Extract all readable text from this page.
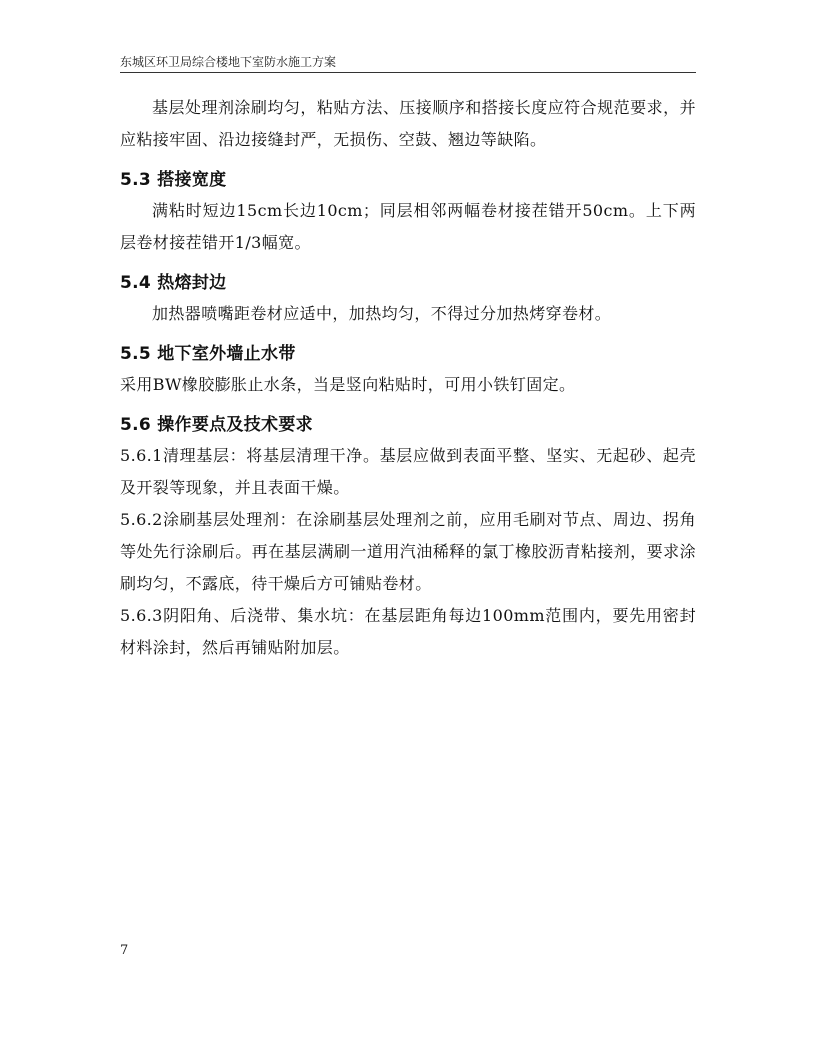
东城区环卫局综合楼地下室防水施工方案

基层处理剂涂刷均匀，粘贴方法、压接顺序和搭接长度应符合规范要求，并应粘接牢固、沿边接缝封严，无损伤、空鼓、翘边等缺陷。

5.3 搭接宽度

满粘时短边15cm长边10cm；同层相邻两幅卷材接茬错开50cm。上下两层卷材接茬错开1/3幅宽。

5.4 热熔封边

加热器喷嘴距卷材应适中，加热均匀，不得过分加热烤穿卷材。

5.5 地下室外墙止水带

采用BW橡胶膨胀止水条，当是竖向粘贴时，可用小铁钉固定。

5.6 操作要点及技术要求

5.6.1清理基层：将基层清理干净。基层应做到表面平整、坚实、无起砂、起壳及开裂等现象，并且表面干燥。

5.6.2涂刷基层处理剂：在涂刷基层处理剂之前，应用毛刷对节点、周边、拐角等处先行涂刷后。再在基层满刷一道用汽油稀释的氯丁橡胶沥青粘接剂，要求涂刷均匀，不露底，待干燥后方可铺贴卷材。

5.6.3阴阳角、后浇带、集水坑：在基层距角每边100mm范围内，要先用密封材料涂封，然后再铺贴附加层。

7
